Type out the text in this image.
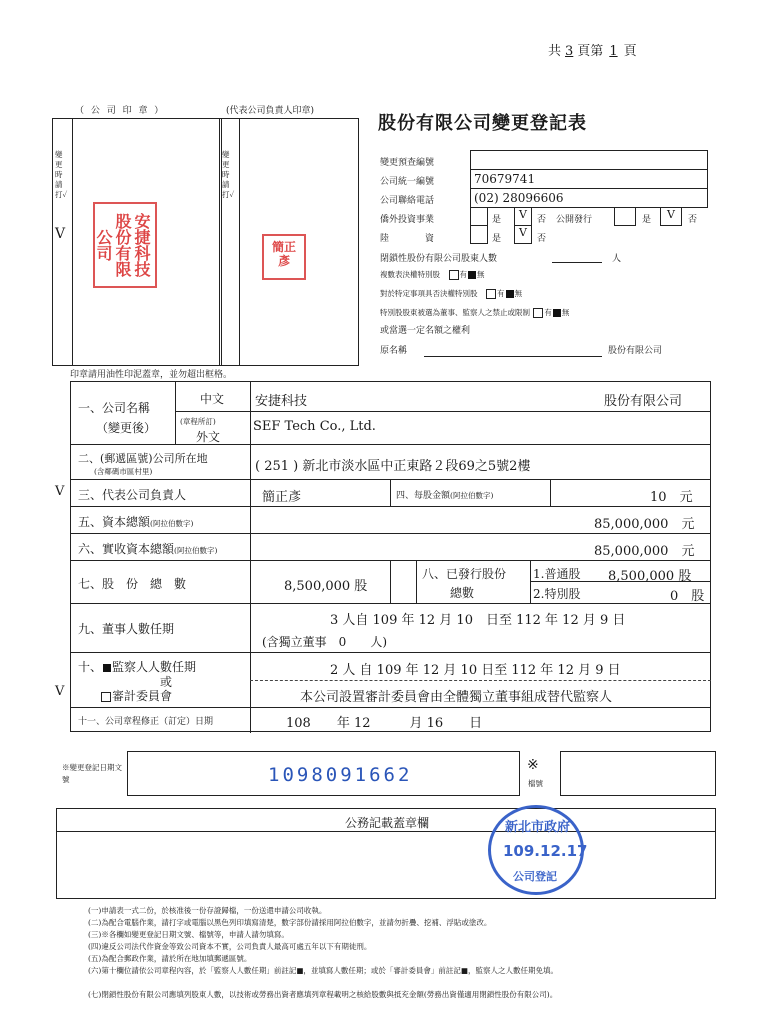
共 3 頁第 1 頁
（ 公 司 印 章 ）	(代表公司負責人印章)
變更時請打✓
V
變更時請打✓
安捷科技股份有限公司	簡正彥
印章請用油性印泥蓋章，並勿超出框格。
股份有限公司變更登記表
變更預查編號
公司統一編號	70679741
公司聯絡電話	(02) 28096606
僑外投資事業	是	V	否 公開發行	是	V	否
陸　　　　資	是	V	否
閉鎖性股份有限公司股東人數	人
複數表決權特別股　	有 無
對於特定事項具否決權特別股　	有 無
特別股股東被選為董事、監察人之禁止或限制 有 無
或當選一定名額之權利
原名稱	股份有限公司
V
V
一、公司名稱
（變更後）
中文 安捷科技	股份有限公司
(章程所訂)
外文
SEF Tech Co., Ltd.
二、(郵遞區號)公司所在地
(含鄰碼市區村里)	( 251 ) 新北市淡水區中正東路２段69之5號2樓
三、代表公司負責人	簡正彥	四、每股金額(阿拉伯數字)	10　 元
五、資本總額(阿拉伯數字)	85,000,000　 元
六、實收資本總額(阿拉伯數字)	85,000,000　 元
七、股　份　總　數	8,500,000 股
八、已發行股份
總數
1.普通股 8,500,000 股
2.特別股	0　 股
九、董事人數任期
3 人自 109 年 12 月 10　日至 112 年 12 月 9 日
(含獨立董事　0　　人)
十、 監察人人數任期
或
審計委員會
2 人 自 109 年 12 月 10 日至 112 年 12 月 9 日
本公司設置審計委員會由全體獨立董事組成替代監察人
十一、公司章程修正（訂定）日期	108　　年 12　　　月 16　　日
※變更登記日期文號	1098091662	※
檔號
公務記載蓋章欄	新北市政府
109.12.17
公司登記
(一)申請表一式二份，於核准後一份存證歸檔，一份送還申請公司收執。
(二)為配合電腦作業，請打字或電腦以黑色列印填寫清楚，數字部份請採用阿拉伯數字，並請勿折疊、挖補、浮貼或塗改。
(三)※各欄如變更登記日期文號、檔號等，申請人請勿填寫。
(四)違反公司法代作資金等致公司資本不實，公司負責人最高可處五年以下有期徒刑。
(五)為配合郵政作業，請於所在地加填郵遞區號。
(六)第十欄位請依公司章程內容，於「監察人人數任期」前註記■，並填寫人數任期；或於「審計委員會」前註記■，監察人之人數任期免填。
(七)閉鎖性股份有限公司應填列股東人數，以技術或勞務出資者應填列章程載明之核給股數與抵充金額(勞務出資僅適用閉鎖性股份有限公司)。
